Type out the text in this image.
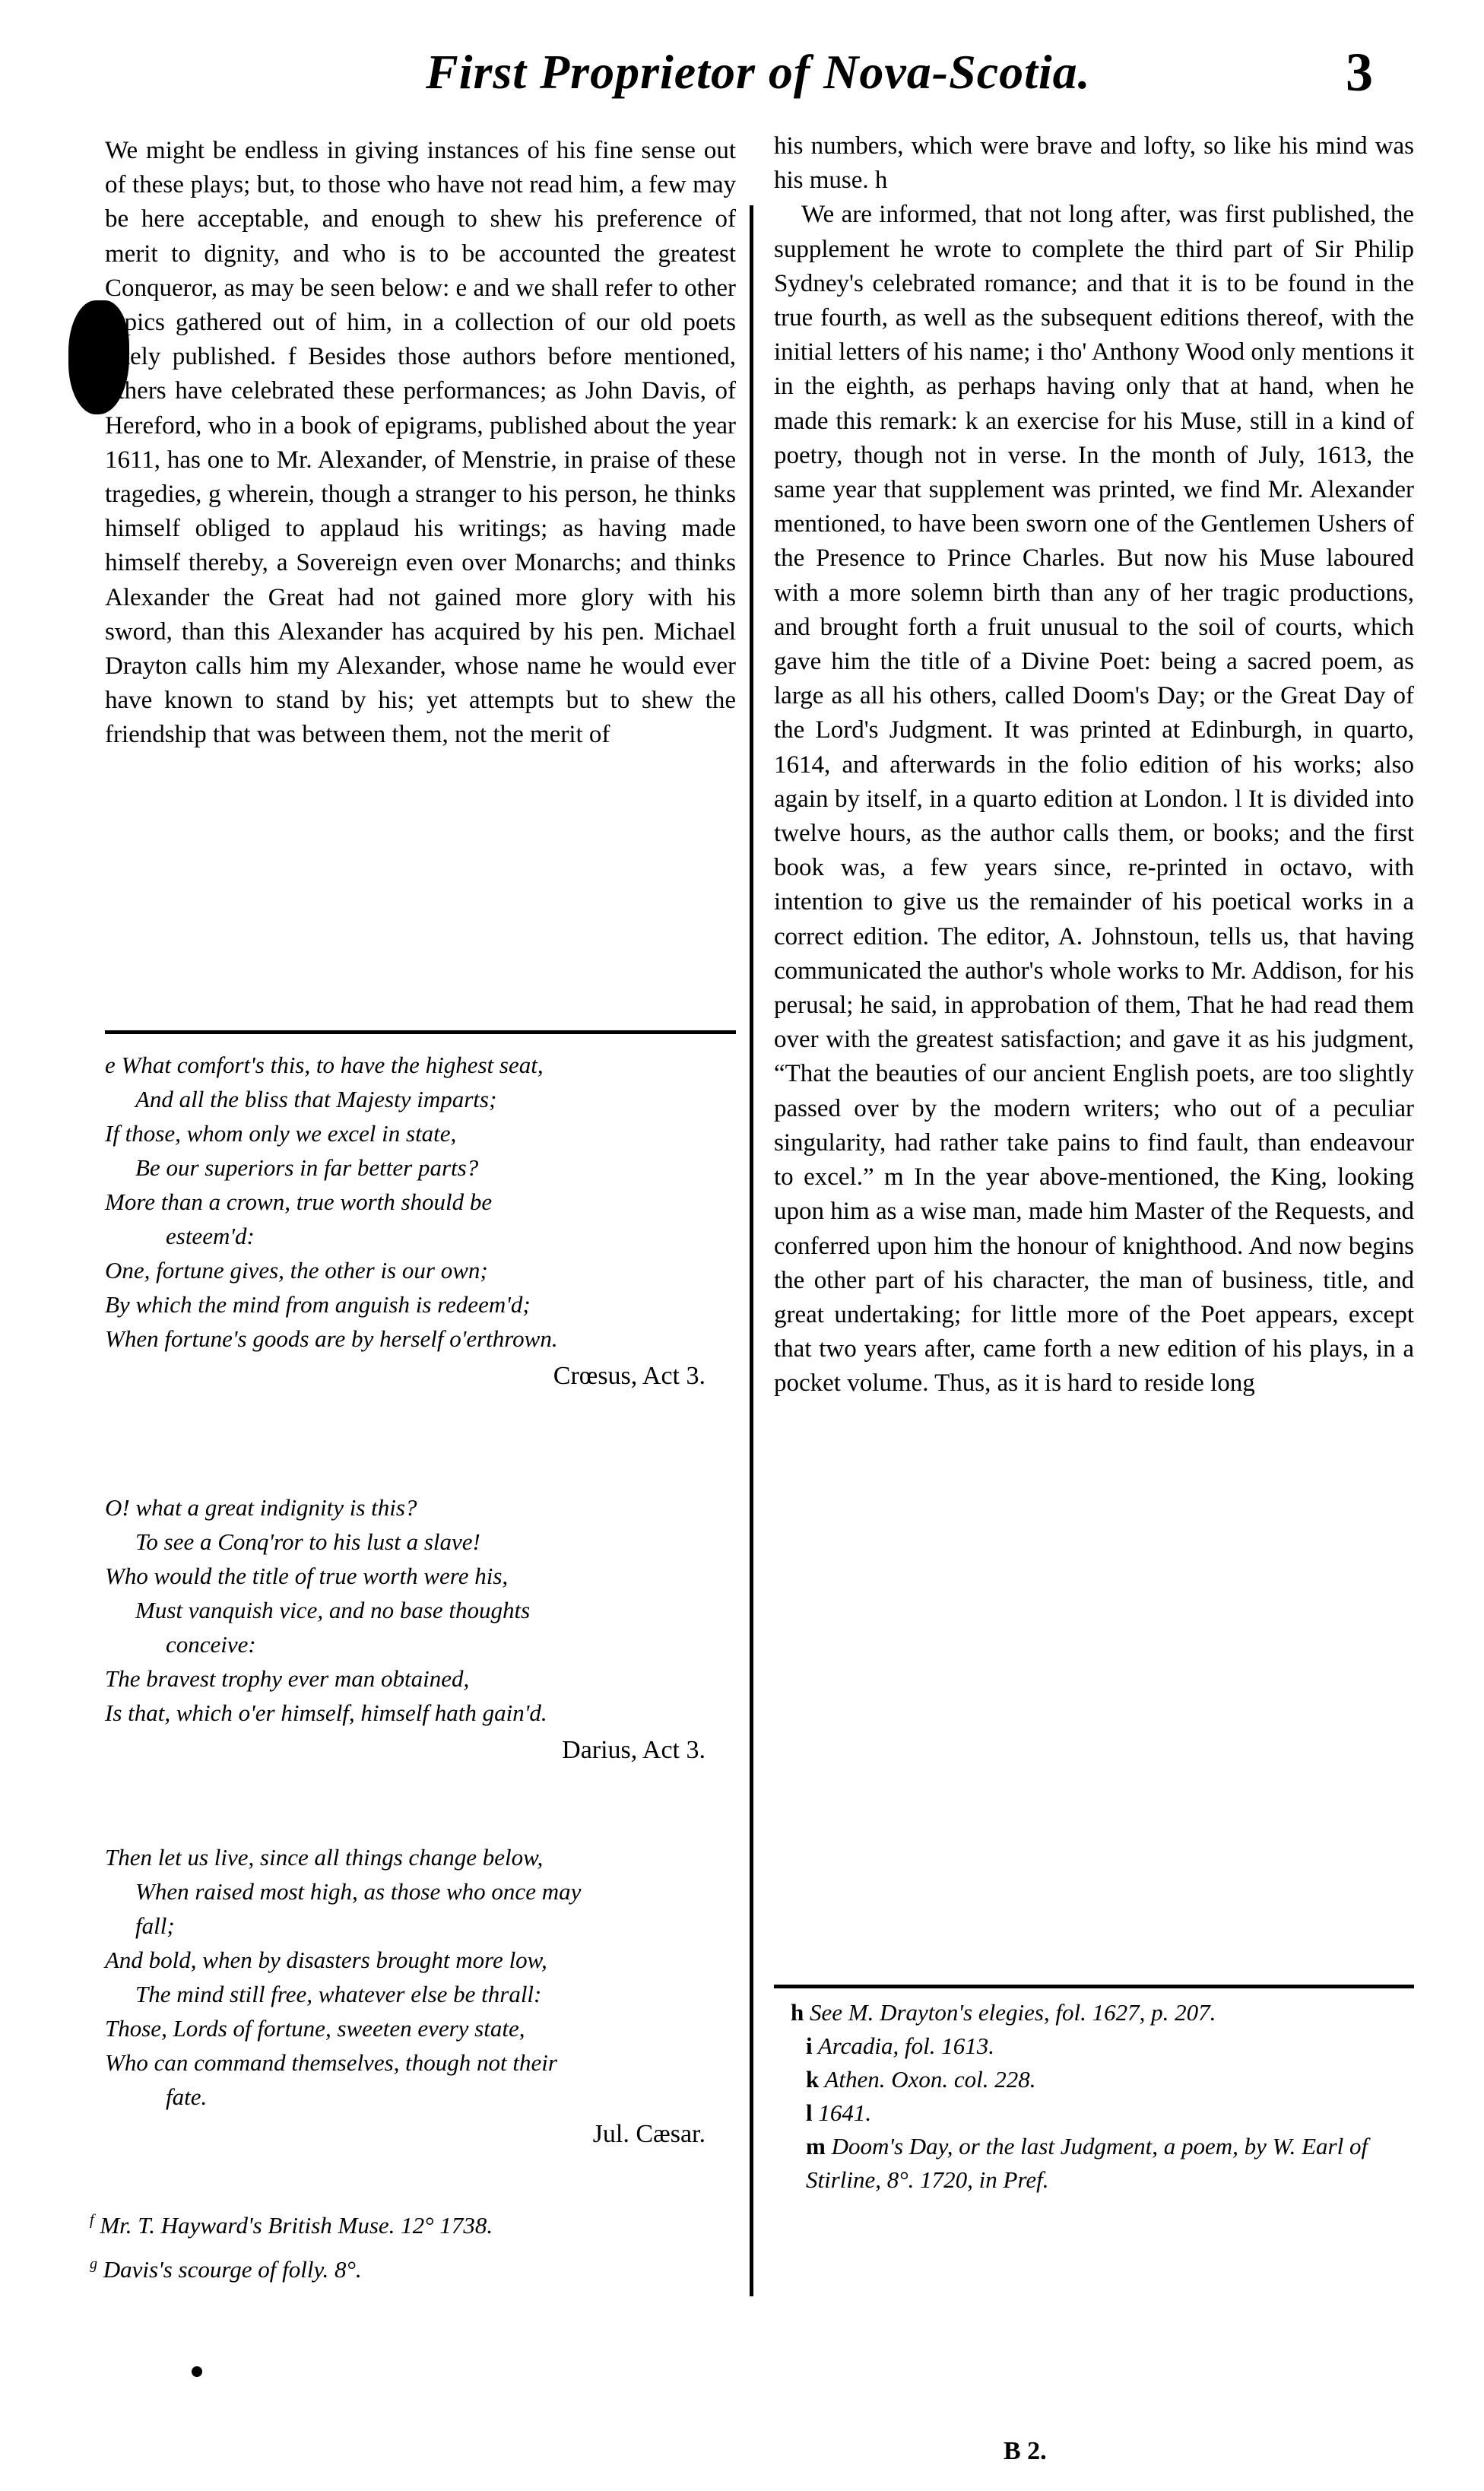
First Proprietor of Nova-Scotia.	3

We might be endless in giving instances of his fine sense out of these plays; but, to those who have not read him, a few may be here acceptable, and enough to shew his preference of merit to dignity, and who is to be accounted the greatest Conqueror, as may be seen below: e and we shall refer to other topics gathered out of him, in a collection of our old poets lately published. f Besides those authors before mentioned, others have celebrated these performances; as John Davis, of Hereford, who in a book of epigrams, published about the year 1611, has one to Mr. Alexander, of Menstrie, in praise of these tragedies, g wherein, though a stranger to his person, he thinks himself obliged to applaud his writings; as having made himself thereby, a Sovereign even over Monarchs; and thinks Alexander the Great had not gained more glory with his sword, than this Alexander has acquired by his pen. Michael Drayton calls him my Alexander, whose name he would ever have known to stand by his; yet attempts but to shew the friendship that was between them, not the merit of

e What comfort's this, to have the highest seat,
And all the bliss that Majesty imparts;
If those, whom only we excel in state,
Be our superiors in far better parts?
More than a crown, true worth should be
esteem'd:
One, fortune gives, the other is our own;
By which the mind from anguish is redeem'd;
When fortune's goods are by herself o'erthrown.
Crœsus, Act 3.
O! what a great indignity is this?
To see a Conq'ror to his lust a slave!
Who would the title of true worth were his,
Must vanquish vice, and no base thoughts
conceive:
The bravest trophy ever man obtained,
Is that, which o'er himself, himself hath gain'd.
Darius, Act 3.
Then let us live, since all things change below,
When raised most high, as those who once may
fall;
And bold, when by disasters brought more low,
The mind still free, whatever else be thrall:
Those, Lords of fortune, sweeten every state,
Who can command themselves, though not their
fate.
Jul. Cæsar.
$^f$ Mr. T. Hayward's British Muse. 12° 1738.
$^g$ Davis's scourge of folly. 8°.

his numbers, which were brave and lofty, so like his mind was his muse. h

We are informed, that not long after, was first published, the supplement he wrote to complete the third part of Sir Philip Sydney's celebrated romance; and that it is to be found in the true fourth, as well as the subsequent editions thereof, with the initial letters of his name; i tho' Anthony Wood only mentions it in the eighth, as perhaps having only that at hand, when he made this remark: k an exercise for his Muse, still in a kind of poetry, though not in verse. In the month of July, 1613, the same year that supplement was printed, we find Mr. Alexander mentioned, to have been sworn one of the Gentlemen Ushers of the Presence to Prince Charles. But now his Muse laboured with a more solemn birth than any of her tragic productions, and brought forth a fruit unusual to the soil of courts, which gave him the title of a Divine Poet: being a sacred poem, as large as all his others, called Doom's Day; or the Great Day of the Lord's Judgment. It was printed at Edinburgh, in quarto, 1614, and afterwards in the folio edition of his works; also again by itself, in a quarto edition at London. l It is divided into twelve hours, as the author calls them, or books; and the first book was, a few years since, re-printed in octavo, with intention to give us the remainder of his poetical works in a correct edition. The editor, A. Johnstoun, tells us, that having communicated the author's whole works to Mr. Addison, for his perusal; he said, in approbation of them, That he had read them over with the greatest satisfaction; and gave it as his judgment, “That the beauties of our ancient English poets, are too slightly passed over by the modern writers; who out of a peculiar singularity, had rather take pains to find fault, than endeavour to excel.” m In the year above-mentioned, the King, looking upon him as a wise man, made him Master of the Requests, and conferred upon him the honour of knighthood. And now begins the other part of his character, the man of business, title, and great undertaking; for little more of the Poet appears, except that two years after, came forth a new edition of his plays, in a pocket volume. Thus, as it is hard to reside long

h See M. Drayton's elegies, fol. 1627, p. 207.
i Arcadia, fol. 1613.
k Athen. Oxon. col. 228.
l 1641.
m Doom's Day, or the last Judgment, a poem, by W. Earl of Stirline, 8°. 1720, in Pref.
B 2.
